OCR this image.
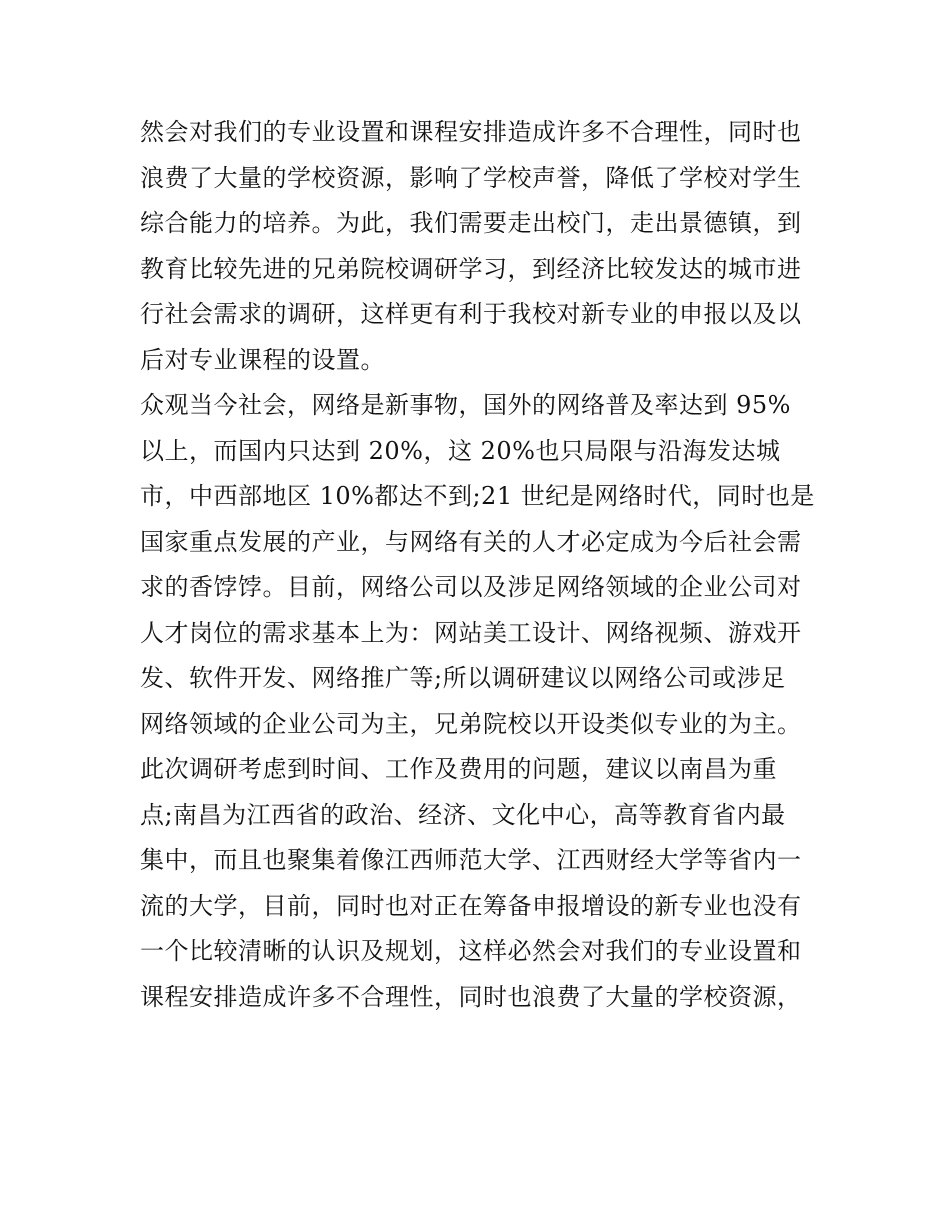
然会对我们的专业设置和课程安排造成许多不合理性，同时也
浪费了大量的学校资源，影响了学校声誉，降低了学校对学生
综合能力的培养。为此，我们需要走出校门，走出景德镇，到
教育比较先进的兄弟院校调研学习，到经济比较发达的城市进
行社会需求的调研，这样更有利于我校对新专业的申报以及以
后对专业课程的设置。
众观当今社会，网络是新事物，国外的网络普及率达到 95%
以上，而国内只达到 20%，这 20%也只局限与沿海发达城
市，中西部地区 10%都达不到;21 世纪是网络时代，同时也是
国家重点发展的产业，与网络有关的人才必定成为今后社会需
求的香饽饽。目前，网络公司以及涉足网络领域的企业公司对
人才岗位的需求基本上为：网站美工设计、网络视频、游戏开
发、软件开发、网络推广等;所以调研建议以网络公司或涉足
网络领域的企业公司为主，兄弟院校以开设类似专业的为主。
此次调研考虑到时间、工作及费用的问题，建议以南昌为重
点;南昌为江西省的政治、经济、文化中心，高等教育省内最
集中，而且也聚集着像江西师范大学、江西财经大学等省内一
流的大学，目前，同时也对正在筹备申报增设的新专业也没有
一个比较清晰的认识及规划，这样必然会对我们的专业设置和
课程安排造成许多不合理性，同时也浪费了大量的学校资源，
